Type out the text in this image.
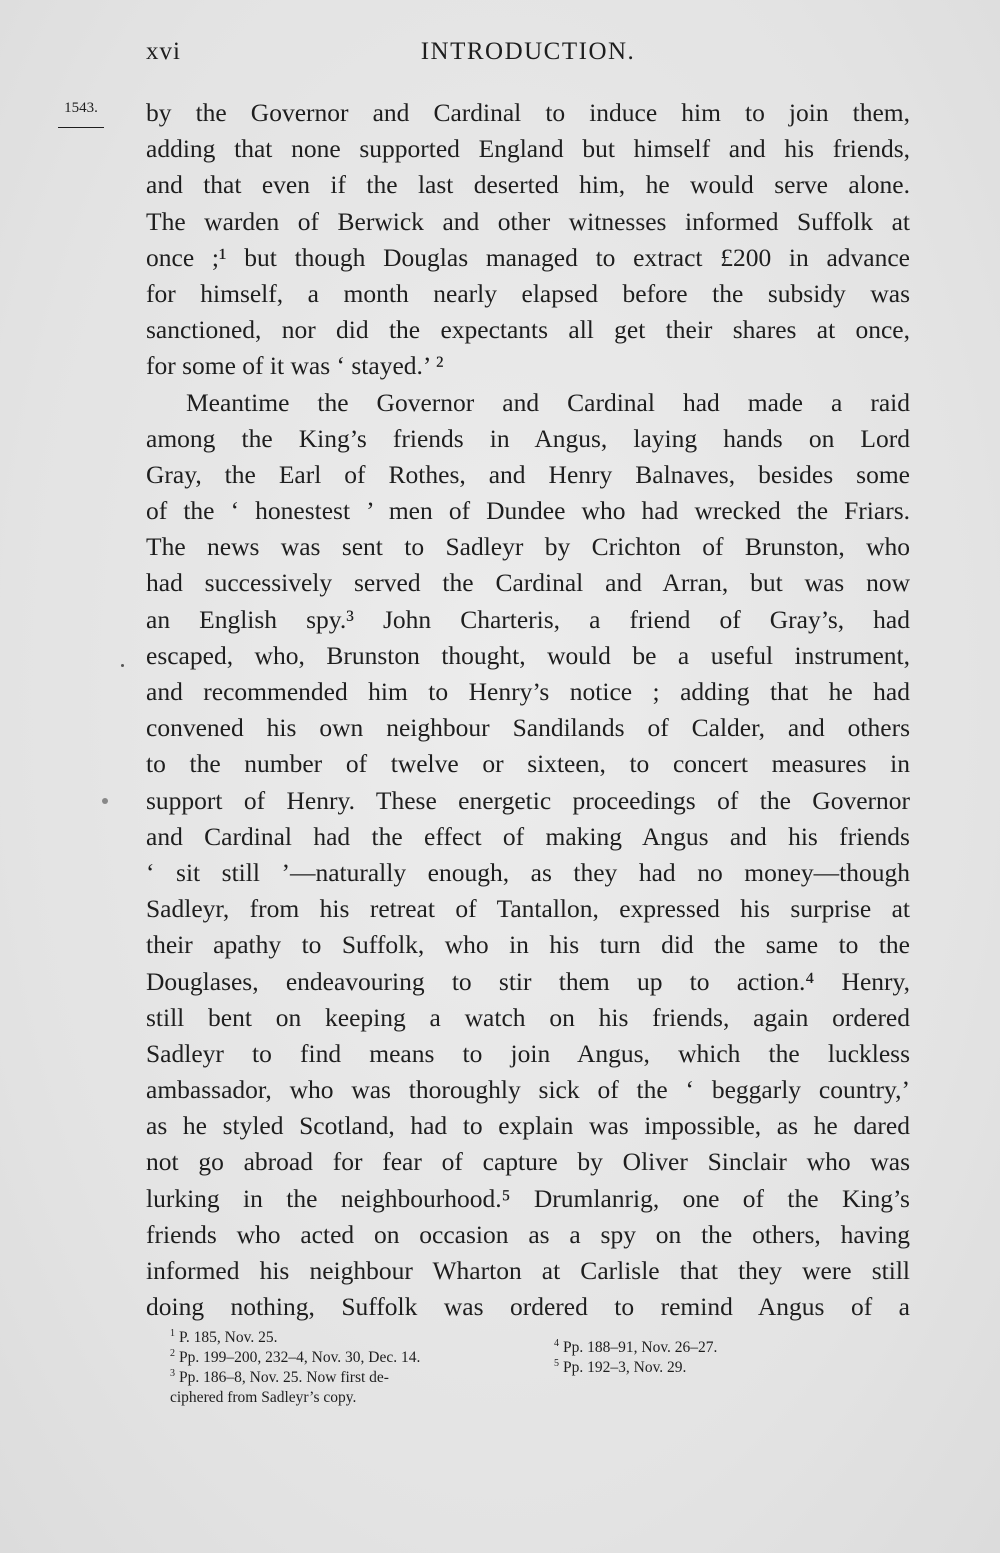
xvi	INTRODUCTION.
1543. by the Governor and Cardinal to induce him to join them,
adding that none supported England but himself and his friends,
and that even if the last deserted him, he would serve alone.
The warden of Berwick and other witnesses informed Suffolk at
once ;¹ but though Douglas managed to extract £200 in advance
for himself, a month nearly elapsed before the subsidy was
sanctioned, nor did the expectants all get their shares at once,
for some of it was ‘ stayed.’ ²
Meantime the Governor and Cardinal had made a raid
among the King’s friends in Angus, laying hands on Lord
Gray, the Earl of Rothes, and Henry Balnaves, besides some
of the ‘ honestest ’ men of Dundee who had wrecked the Friars.
The news was sent to Sadleyr by Crichton of Brunston, who
had successively served the Cardinal and Arran, but was now
an English spy.³ John Charteris, a friend of Gray’s, had
escaped, who, Brunston thought, would be a useful instrument,
and recommended him to Henry’s notice ; adding that he had
convened his own neighbour Sandilands of Calder, and others
to the number of twelve or sixteen, to concert measures in
support of Henry. These energetic proceedings of the Governor
and Cardinal had the effect of making Angus and his friends
‘ sit still ’—naturally enough, as they had no money—though
Sadleyr, from his retreat of Tantallon, expressed his surprise at
their apathy to Suffolk, who in his turn did the same to the
Douglases, endeavouring to stir them up to action.⁴ Henry,
still bent on keeping a watch on his friends, again ordered
Sadleyr to find means to join Angus, which the luckless
ambassador, who was thoroughly sick of the ‘ beggarly country,’
as he styled Scotland, had to explain was impossible, as he dared
not go abroad for fear of capture by Oliver Sinclair who was
lurking in the neighbourhood.⁵ Drumlanrig, one of the King’s
friends who acted on occasion as a spy on the others, having
informed his neighbour Wharton at Carlisle that they were still
doing nothing, Suffolk was ordered to remind Angus of a
$^1$ P. 185, Nov. 25.
$^2$ Pp. 199–200, 232–4, Nov. 30, Dec. 14.
$^3$ Pp. 186–8, Nov. 25. Now first de-
ciphered from Sadleyr’s copy.
$^4$ Pp. 188–91, Nov. 26–27.
$^5$ Pp. 192–3, Nov. 29.
